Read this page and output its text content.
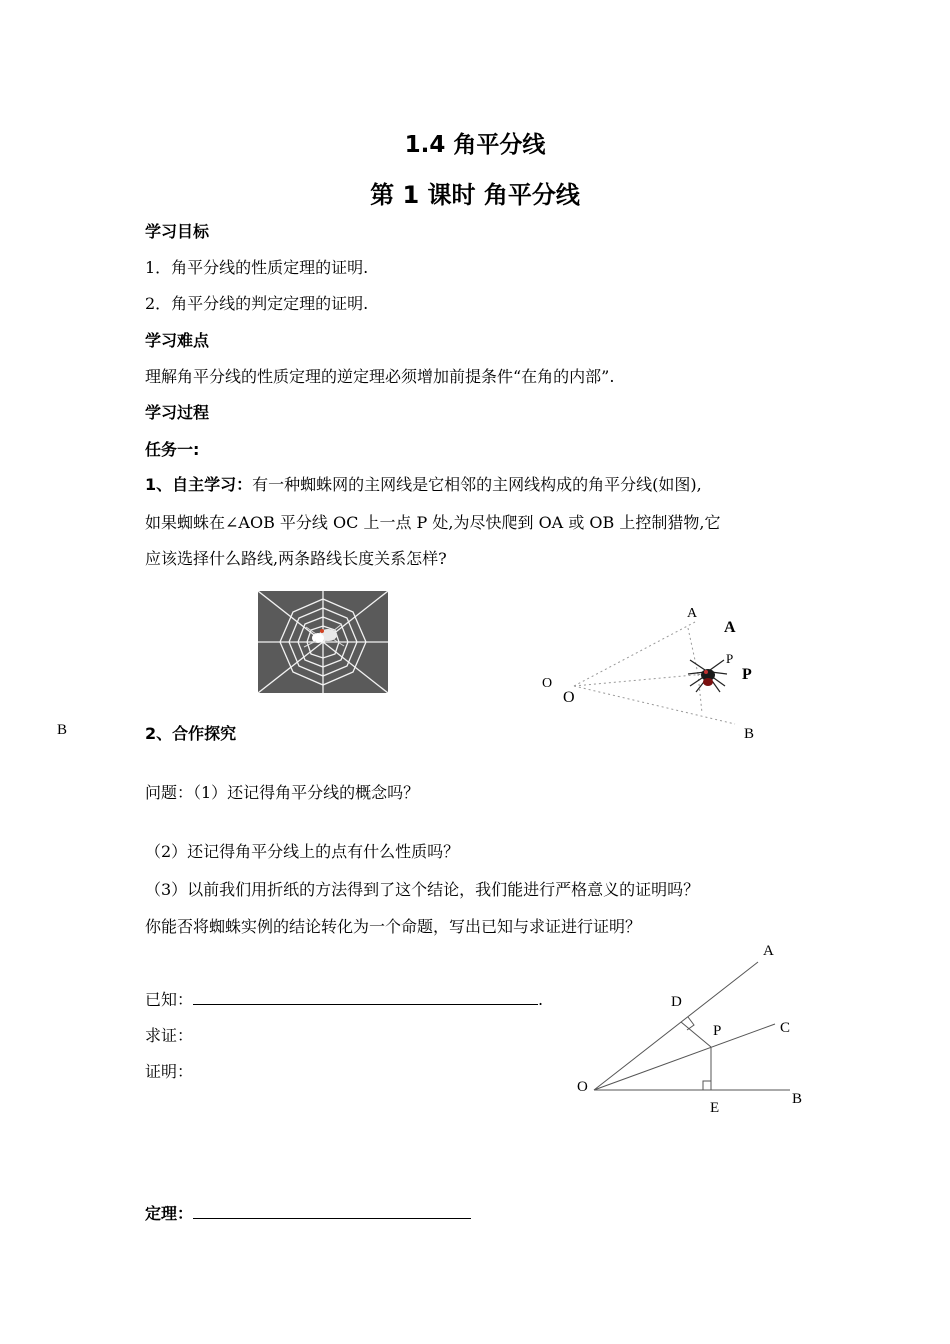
1.4 角平分线
第 1 课时 角平分线
学习目标
1．角平分线的性质定理的证明.
2．角平分线的判定定理的证明.
学习难点
理解角平分线的性质定理的逆定理必须增加前提条件“在角的内部”.
学习过程
任务一:
1、自主学习：有一种蜘蛛网的主网线是它相邻的主网线构成的角平分线(如图),
如果蜘蛛在∠AOB 平分线 OC 上一点 P 处,为尽快爬到 OA 或 OB 上控制猎物,它
应该选择什么路线,两条路线长度关系怎样?
A
A
P
P
O
O
B
B	2、合作探究
问题：（1）还记得角平分线的概念吗？
（2）还记得角平分线上的点有什么性质吗？
（3）以前我们用折纸的方法得到了这个结论，我们能进行严格意义的证明吗？
你能否将蜘蛛实例的结论转化为一个命题，写出已知与求证进行证明？
已知：	.
求证：
证明：
A
D
P	C
O
E
B
定理：
